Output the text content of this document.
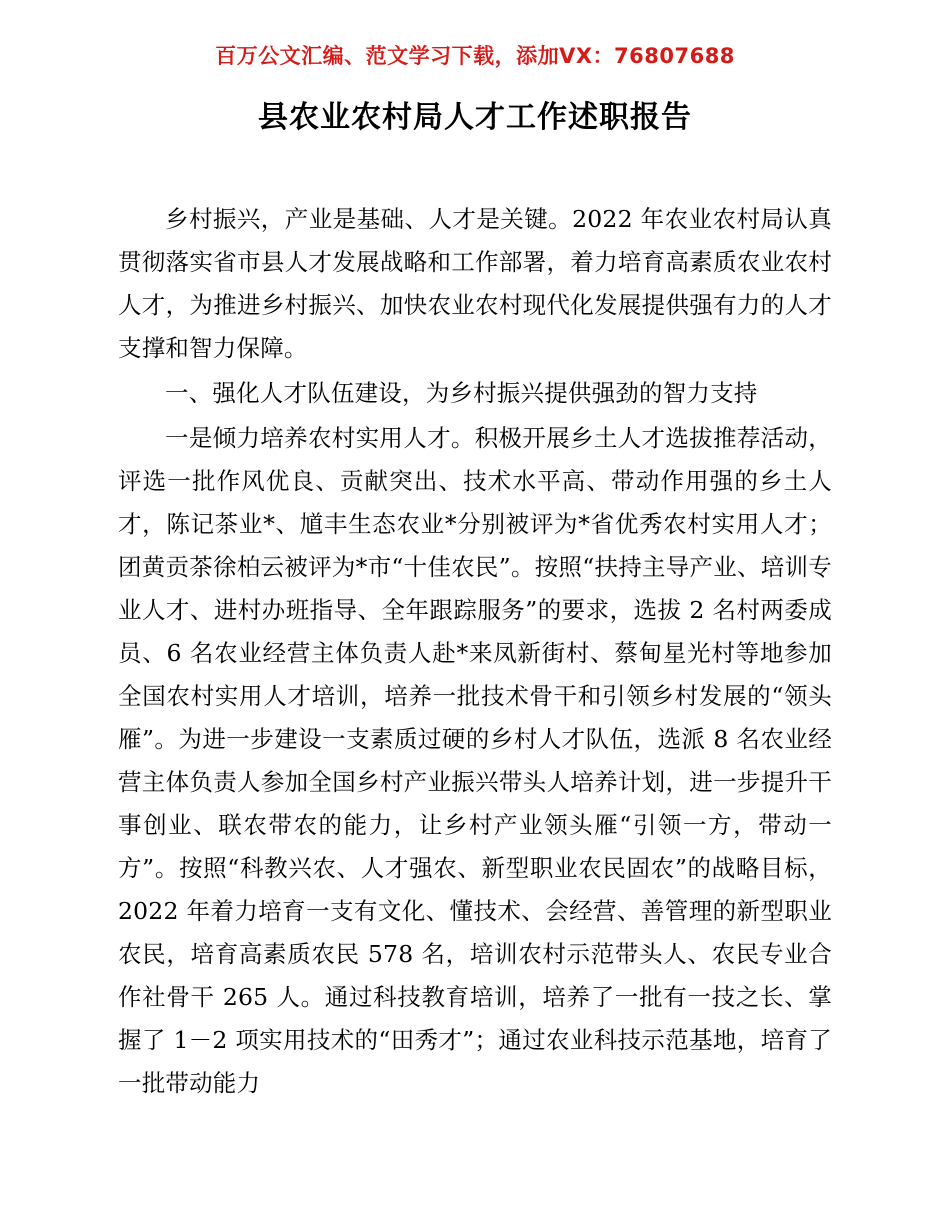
百万公文汇编、范文学习下载，添加VX：76807688
县农业农村局人才工作述职报告

乡村振兴，产业是基础、人才是关键。2022 年农业农村局认真贯彻落实省市县人才发展战略和工作部署，着力培育高素质农业农村人才，为推进乡村振兴、加快农业农村现代化发展提供强有力的人才支撑和智力保障。

一、强化人才队伍建设，为乡村振兴提供强劲的智力支持

一是倾力培养农村实用人才。积极开展乡土人才选拔推荐活动，评选一批作风优良、贡献突出、技术水平高、带动作用强的乡土人才，陈记茶业*、馗丰生态农业*分别被评为*省优秀农村实用人才；团黄贡茶徐柏云被评为*市“十佳农民”。按照“扶持主导产业、培训专业人才、进村办班指导、全年跟踪服务”的要求，选拔 2 名村两委成员、6 名农业经营主体负责人赴*来凤新街村、蔡甸星光村等地参加全国农村实用人才培训，培养一批技术骨干和引领乡村发展的“领头雁”。为进一步建设一支素质过硬的乡村人才队伍，选派 8 名农业经营主体负责人参加全国乡村产业振兴带头人培养计划，进一步提升干事创业、联农带农的能力，让乡村产业领头雁“引领一方，带动一方”。按照“科教兴农、人才强农、新型职业农民固农”的战略目标，2022 年着力培育一支有文化、懂技术、会经营、善管理的新型职业农民，培育高素质农民 578 名，培训农村示范带头人、农民专业合作社骨干 265 人。通过科技教育培训，培养了一批有一技之长、掌握了 1－2 项实用技术的“田秀才”；通过农业科技示范基地，培育了一批带动能力
